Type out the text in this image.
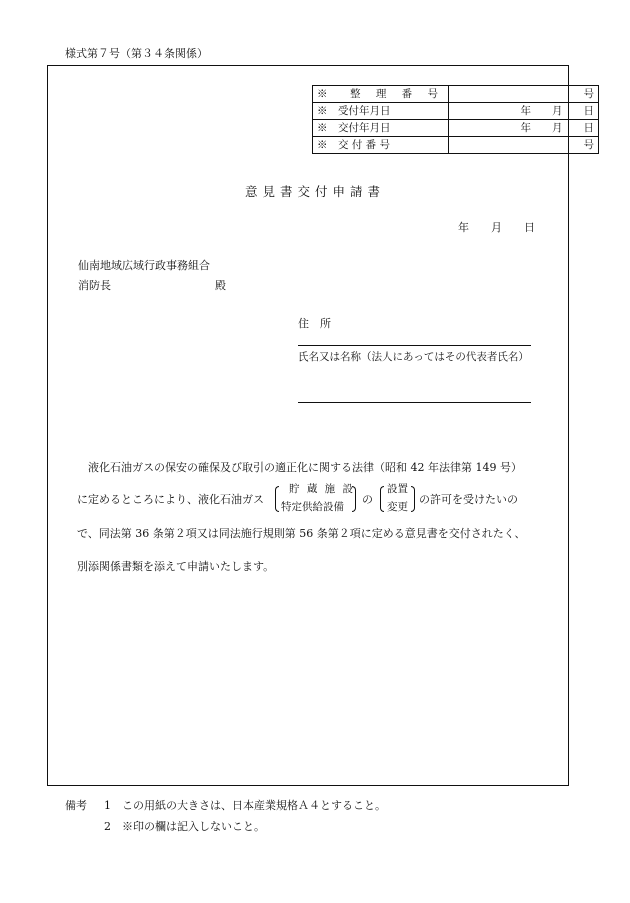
様式第７号（第３４条関係）
※　整 理 番 号	号
※　受付年月日	年　　月　　日
※　交付年月日	年　　月　　日
※　交 付 番 号	号
意見書交付申請書
年　　月　　日
仙南地域広域行政事務組合
消防長	殿
住　所
氏名又は名称（法人にあってはその代表者氏名）
液化石油ガスの保安の確保及び取引の適正化に関する法律（昭和 42 年法律第 149 号）
に定めるところにより、液化石油ガス
貯 蔵 施 設
特定供給設備
の
設置
変更
の許可を受けたいの
で、同法第 36 条第２項又は同法施行規則第 56 条第２項に定める意見書を交付されたく、
別添関係書類を添えて申請いたします。
備考 1 この用紙の大きさは、日本産業規格Ａ４とすること。
2 ※印の欄は記入しないこと。
